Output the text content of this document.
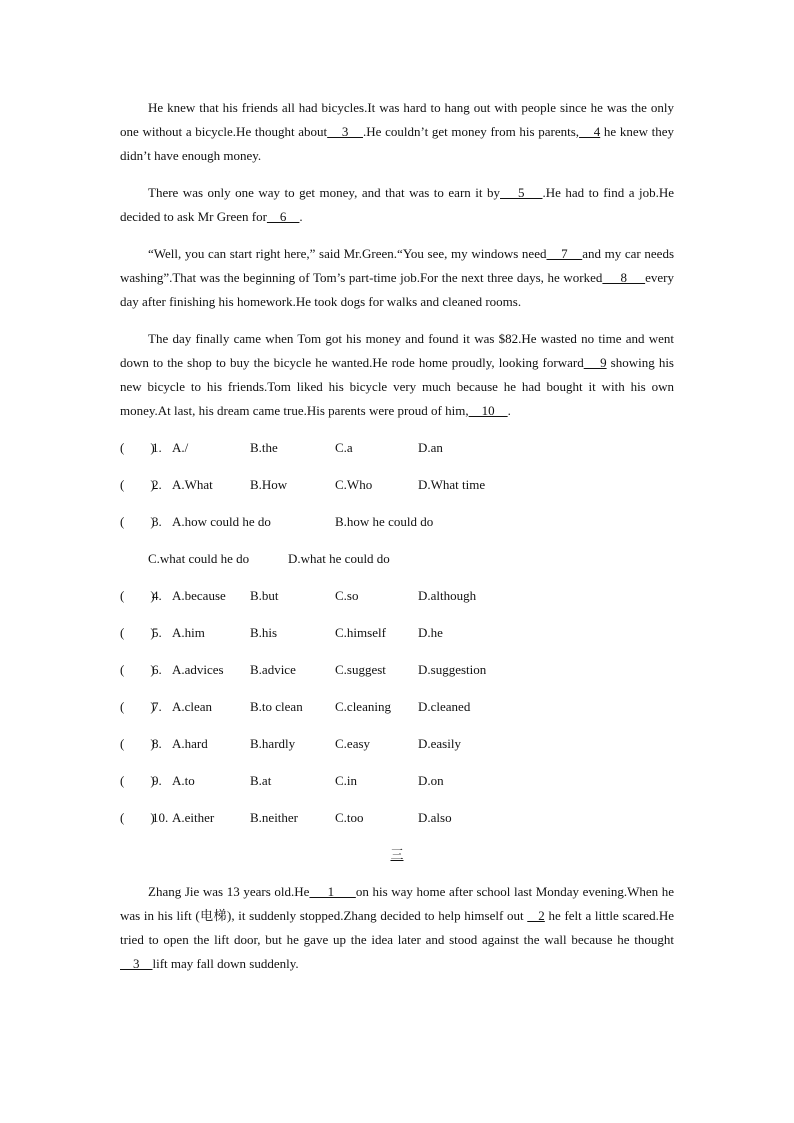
He knew that his friends all had bicycles.It was hard to hang out with people since he was the only one without a bicycle.He thought about    3    .He couldn’t get money from his parents,    4 he knew they didn’t have enough money.

There was only one way to get money, and that was to earn it by    5    .He had to find a job.He decided to ask Mr Green for    6    .

“Well, you can start right here,” said Mr.Green.“You see, my windows need    7    and my car needs washing”.That was the beginning of Tom’s part-time job.For the next three days, he worked     8     every day after finishing his homework.He took dogs for walks and cleaned rooms.

The day finally came when Tom got his money and found it was $82.He wasted no time and went down to the shop to buy the bicycle he wanted.He rode home proudly, looking forward    9 showing his new bicycle to his friends.Tom liked his bicycle very much because he had bought it with his own money.At last, his dream came true.His parents were proud of him,    10    .

(        )1. A./	B.the	C.a	D.an
(        )2. A.What	B.How	C.Who	D.What time
(        )3. A.how could he do	B.how he could do
C.what could he do	D.what he could do
(        )4. A.because B.but	C.so	D.although
(        )5. A.him	B.his	C.himself D.he
(        )6. A.advices B.advice	C.suggest D.suggestion
(        )7. A.clean	B.to clean C.cleaning D.cleaned
(        )8. A.hard	B.hardly	C.easy	D.easily
(        )9. A.to	B.at	C.in	D.on
(        )10. A.either	B.neither	C.too	D.also
三

Zhang Jie was 13 years old.He     1      on his way home after school last Monday evening.When he was in his lift (电梯), it suddenly stopped.Zhang decided to help himself out    2 he felt a little scared.He tried to open the lift door, but he gave up the idea later and stood against the wall because he thought    3    lift may fall down suddenly.
